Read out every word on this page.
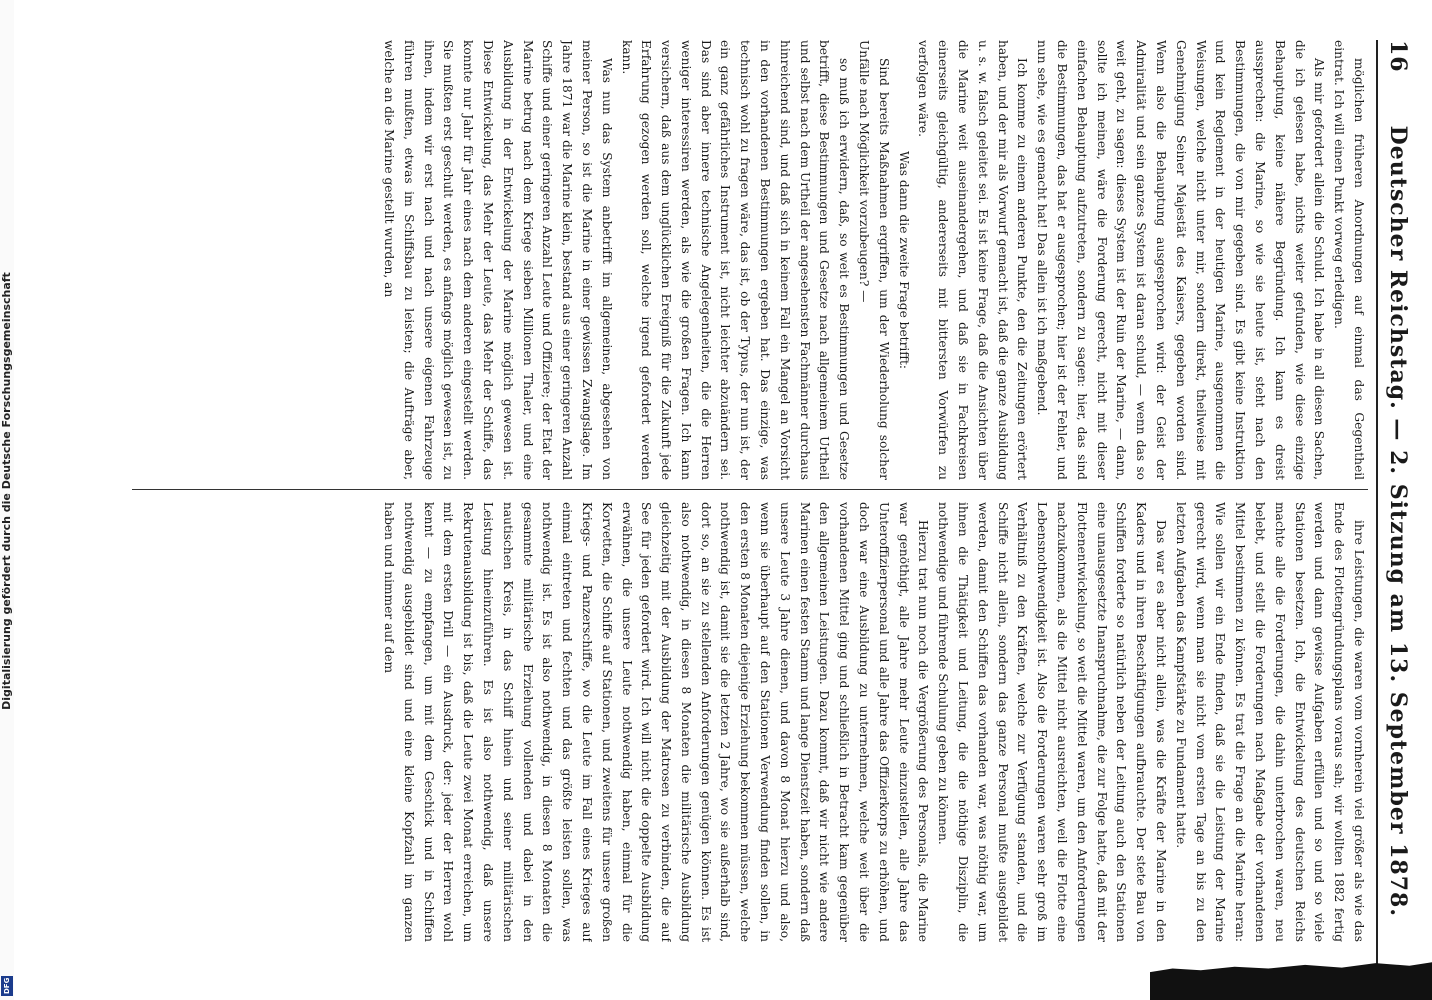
Digitalisierung gefördert durch die Deutsche Forschungsgemeinschaft
DFG
16
Deutscher Reichstag. — 2. Sitzung am 13. September 1878.

möglichen früheren Anordnungen auf einmal das Gegentheil eintrat. Ich will einen Punkt vorweg erledigen.

Als mir gefordert allein die Schuld. Ich habe in all diesen Sachen, die ich gelesen habe, nichts weiter gefunden, wie diese einzige Behauptung, keine nähere Begründung. Ich kann es dreist aussprechen: die Marine, so wie sie heute ist, steht nach den Bestimmungen, die von mir gegeben sind. Es gibt keine Instruktion und kein Reglement in der heutigen Marine, ausgenommen die Weisungen, welche nicht unter mir, sondern direkt, theilweise mit Genehmigung Seiner Majestät des Kaisers, gegeben worden sind. Wenn also die Behauptung ausgesprochen wird: der Geist der Admiralität und sein ganzes System ist daran schuld, — wenn das so weit geht, zu sagen: dieses System ist der Ruin der Marine, — dann, sollte ich meinen, wäre die Forderung gerecht, nicht mit dieser einfachen Behauptung aufzutreten, sondern zu sagen: hier, das sind die Bestimmungen, das hat er ausgesprochen; hier ist der Fehler, und nun sehe, wie es gemacht hat! Das allein ist ich maßgebend.

Ich komme zu einem anderen Punkte, den die Zeitungen erörtert haben, und der mir als Vorwurf gemacht ist, daß die ganze Ausbildung u. s. w. falsch geleitet sei. Es ist keine Frage, daß die Ansichten über die Marine weit auseinandergehen, und daß sie in Fachkreisen einerseits gleichgültig, andererseits mit bittersten Vorwürfen zu verfolgen wäre.

Was dann die zweite Frage betrifft:

Sind bereits Maßnahmen ergriffen, um der Wiederholung solcher Unfälle nach Möglichkeit vorzubeugen? —

so muß ich erwidern, daß, so weit es Bestimmungen und Gesetze betrifft, diese Bestimmungen und Gesetze nach allgemeinem Urtheil und selbst nach dem Urtheil der angesehensten Fachmänner durchaus hinreichend sind, und daß sich in keinem Fall ein Mangel an Vorsicht in den vorhandenen Bestimmungen ergeben hat. Das einzige, was technisch wohl zu fragen wäre, das ist, ob der Typus, der nun ist, der ein ganz gefährliches Instrument ist, nicht leichter abzuändern sei. Das sind aber innere technische Angelegenheiten, die die Herren weniger interessiren werden, als wie die großen Fragen. Ich kann versichern, daß aus dem unglücklichen Ereigniß für die Zukunft jede Erfahrung gezogen werden soll, welche irgend gefordert werden kann.

Was nun das System anbetrifft im allgemeinen, abgesehen von meiner Person, so ist die Marine in einer gewissen Zwangslage. Im Jahre 1871 war die Marine klein, bestand aus einer geringeren Anzahl Schiffe und einer geringeren Anzahl Leute und Offiziere; der Etat der Marine betrug nach dem Kriege sieben Millionen Thaler, und eine Ausbildung in der Entwickelung der Marine möglich gewesen ist. Diese Entwickelung, das Mehr der Leute, das Mehr der Schiffe, das konnte nur Jahr für Jahr eines nach dem anderen eingestellt werden. Sie mußten erst geschult werden, es anfangs möglich gewesen ist, zu ihnen, indem wir erst nach und nach unsere eigenen Fahrzeuge führen mußten, etwas im Schiffsbau zu leisten; die Aufträge aber, welche an die Marine gestellt wurden, an

ihre Leistungen, die waren vom vornherein viel größer als wie das Ende des Flottengründungsplans voraus sah; wir wollten 1882 fertig werden und dann gewisse Aufgaben erfüllen und so und so viele Stationen besetzen. Ich, die Entwickelung des deutschen Reichs machte alle die Forderungen, die dahin unterbrochen waren, neu belebt, und stellt die Forderungen nach Maßgabe der vorhandenen Mittel bestimmen zu können. Es trat die Frage an die Marine heran: Wie sollen wir ein Ende finden, daß sie die Leistung der Marine gerecht wird, wenn man sie nicht vom ersten Tage an bis zu den letzten Aufgaben das Kampfstärke zu Fundament hatte.

Das war es aber nicht allein, was die Kräfte der Marine in den Kaders und in ihren Beschäftigungen aufbrauchte. Der stete Bau von Schiffen forderte so natürlich neben der Leitung auch den Stationen eine unausgesetzte Inanspruchnahme, die zur Folge hatte, daß mit der Flottenentwickelung, so weit die Mittel waren, um den Anforderungen nachzukommen, als die Mittel nicht ausreichten, weil die Flotte eine Lebensnothwendigkeit ist. Also die Forderungen waren sehr groß im Verhältniß zu den Kräften, welche zur Verfügung standen, und die Schiffe nicht allein, sondern das ganze Personal mußte ausgebildet werden, damit den Schiffen das vorhanden war, was nöthig war, um ihnen die Thätigkeit und Leitung, die die nöthige Disziplin, die nothwendige und führende Schulung geben zu können.

Hierzu trat nun noch die Vergrößerung des Personals, die Marine war genöthigt, alle Jahre mehr Leute einzustellen, alle Jahre das Unteroffizierpersonal und alle Jahre das Offizierkorps zu erhöhen, und doch war eine Ausbildung zu unternehmen, welche weit über die vorhandenen Mittel ging und schließlich in Betracht kam gegenüber den allgemeinen Leistungen. Dazu kommt, daß wir nicht wie andere Marinen einen festen Stamm und lange Dienstzeit haben, sondern daß unsere Leute 3 Jahre dienen, und davon 8 Monat hierzu und also, wenn sie überhaupt auf den Stationen Verwendung finden sollen, in den ersten 8 Monaten diejenige Erziehung bekommen müssen, welche nothwendig ist, damit sie die letzten 2 Jahre, wo sie außerhalb sind, dort so, an sie zu stellenden Anforderungen genügen können. Es ist also nothwendig, in diesen 8 Monaten die militärische Ausbildung gleichzeitig mit der Ausbildung der Matrosen zu verbinden, die auf See für jeden gefordert wird. Ich will nicht die doppelte Ausbildung erwähnen, die unsere Leute nothwendig haben, einmal für die Korvetten, die Schiffe auf Stationen, und zweitens für unsere großen Kriegs- und Panzerschiffe, wo die Leute im Fall eines Krieges auf einmal eintreten und fechten und das größte leisten sollen, was nothwendig ist. Es ist also nothwendig, in diesen 8 Monaten die gesammte militärische Erziehung vollenden und dabei in den nautischen Kreis, in das Schiff hinein und seiner militärischen Leistung hineinzuführen. Es ist also nothwendig, daß unsere Rekrutenausbildung ist bis, daß die Leute zwei Monat erreichen, um mit dem ersten Drill — ein Ausdruck, der: jeder der Herren wohl kennt — zu empfangen, um mit dem Geschick und in Schiffen nothwendig ausgebildet sind und eine kleine Kopfzahl im ganzen haben und nimmer auf dem
